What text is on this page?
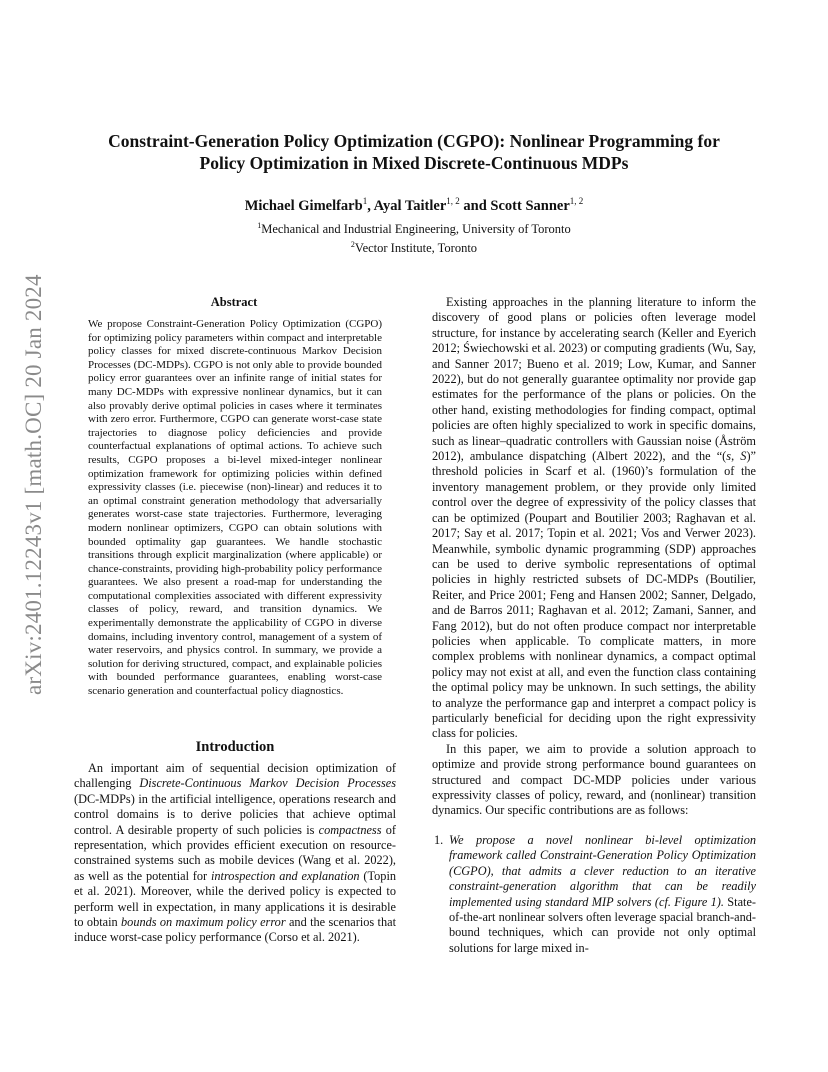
arXiv:2401.12243v1 [math.OC] 20 Jan 2024
Constraint-Generation Policy Optimization (CGPO): Nonlinear Programming for
Policy Optimization in Mixed Discrete-Continuous MDPs
Michael Gimelfarb$^1$, Ayal Taitler$^{1, 2}$ and Scott Sanner$^{1, 2}$
$^1$Mechanical and Industrial Engineering, University of Toronto
$^2$Vector Institute, Toronto
Abstract

We propose Constraint-Generation Policy Optimization (CGPO) for optimizing policy parameters within compact and interpretable policy classes for mixed discrete-continuous Markov Decision Processes (DC-MDPs). CGPO is not only able to provide bounded policy error guarantees over an infinite range of initial states for many DC-MDPs with expressive nonlinear dynamics, but it can also provably derive optimal policies in cases where it terminates with zero error. Furthermore, CGPO can generate worst-case state trajectories to diagnose policy deficiencies and provide counterfactual explanations of optimal actions. To achieve such results, CGPO proposes a bi-level mixed-integer nonlinear optimization framework for optimizing policies within defined expressivity classes (i.e. piecewise (non)-linear) and reduces it to an optimal constraint generation methodology that adversarially generates worst-case state trajectories. Furthermore, leveraging modern nonlinear optimizers, CGPO can obtain solutions with bounded optimality gap guarantees. We handle stochastic transitions through explicit marginalization (where applicable) or chance-constraints, providing high-probability policy performance guarantees. We also present a road-map for understanding the computational complexities associated with different expressivity classes of policy, reward, and transition dynamics. We experimentally demonstrate the applicability of CGPO in diverse domains, including inventory control, management of a system of water reservoirs, and physics control. In summary, we provide a solution for deriving structured, compact, and explainable policies with bounded performance guarantees, enabling worst-case scenario generation and counterfactual policy diagnostics.

Introduction

An important aim of sequential decision optimization of challenging Discrete-Continuous Markov Decision Processes (DC-MDPs) in the artificial intelligence, operations research and control domains is to derive policies that achieve optimal control. A desirable property of such policies is compactness of representation, which provides efficient execution on resource-constrained systems such as mobile devices (Wang et al. 2022), as well as the potential for introspection and explanation (Topin et al. 2021). Moreover, while the derived policy is expected to perform well in expectation, in many applications it is desirable to obtain bounds on maximum policy error and the scenarios that induce worst-case policy performance (Corso et al. 2021).

Existing approaches in the planning literature to inform the discovery of good plans or policies often leverage model structure, for instance by accelerating search (Keller and Eyerich 2012; Świechowski et al. 2023) or computing gradients (Wu, Say, and Sanner 2017; Bueno et al. 2019; Low, Kumar, and Sanner 2022), but do not generally guarantee optimality nor provide gap estimates for the performance of the plans or policies. On the other hand, existing methodologies for finding compact, optimal policies are often highly specialized to work in specific domains, such as linear–quadratic controllers with Gaussian noise (Åström 2012), ambulance dispatching (Albert 2022), and the “(s, S)” threshold policies in Scarf et al. (1960)’s formulation of the inventory management problem, or they provide only limited control over the degree of expressivity of the policy classes that can be optimized (Poupart and Boutilier 2003; Raghavan et al. 2017; Say et al. 2017; Topin et al. 2021; Vos and Verwer 2023). Meanwhile, symbolic dynamic programming (SDP) approaches can be used to derive symbolic representations of optimal policies in highly restricted subsets of DC-MDPs (Boutilier, Reiter, and Price 2001; Feng and Hansen 2002; Sanner, Delgado, and de Barros 2011; Raghavan et al. 2012; Zamani, Sanner, and Fang 2012), but do not often produce compact nor interpretable policies when applicable. To complicate matters, in more complex problems with nonlinear dynamics, a compact optimal policy may not exist at all, and even the function class containing the optimal policy may be unknown. In such settings, the ability to analyze the performance gap and interpret a compact policy is particularly beneficial for deciding upon the right expressivity class for policies.

In this paper, we aim to provide a solution approach to optimize and provide strong performance bound guarantees on structured and compact DC-MDP policies under various expressivity classes of policy, reward, and (nonlinear) transition dynamics. Our specific contributions are as follows:

1. We propose a novel nonlinear bi-level optimization framework called Constraint-Generation Policy Optimization (CGPO), that admits a clever reduction to an iterative constraint-generation algorithm that can be readily implemented using standard MIP solvers (cf. Figure 1). State-of-the-art nonlinear solvers often leverage spacial branch-and-bound techniques, which can provide not only optimal solutions for large mixed in-
